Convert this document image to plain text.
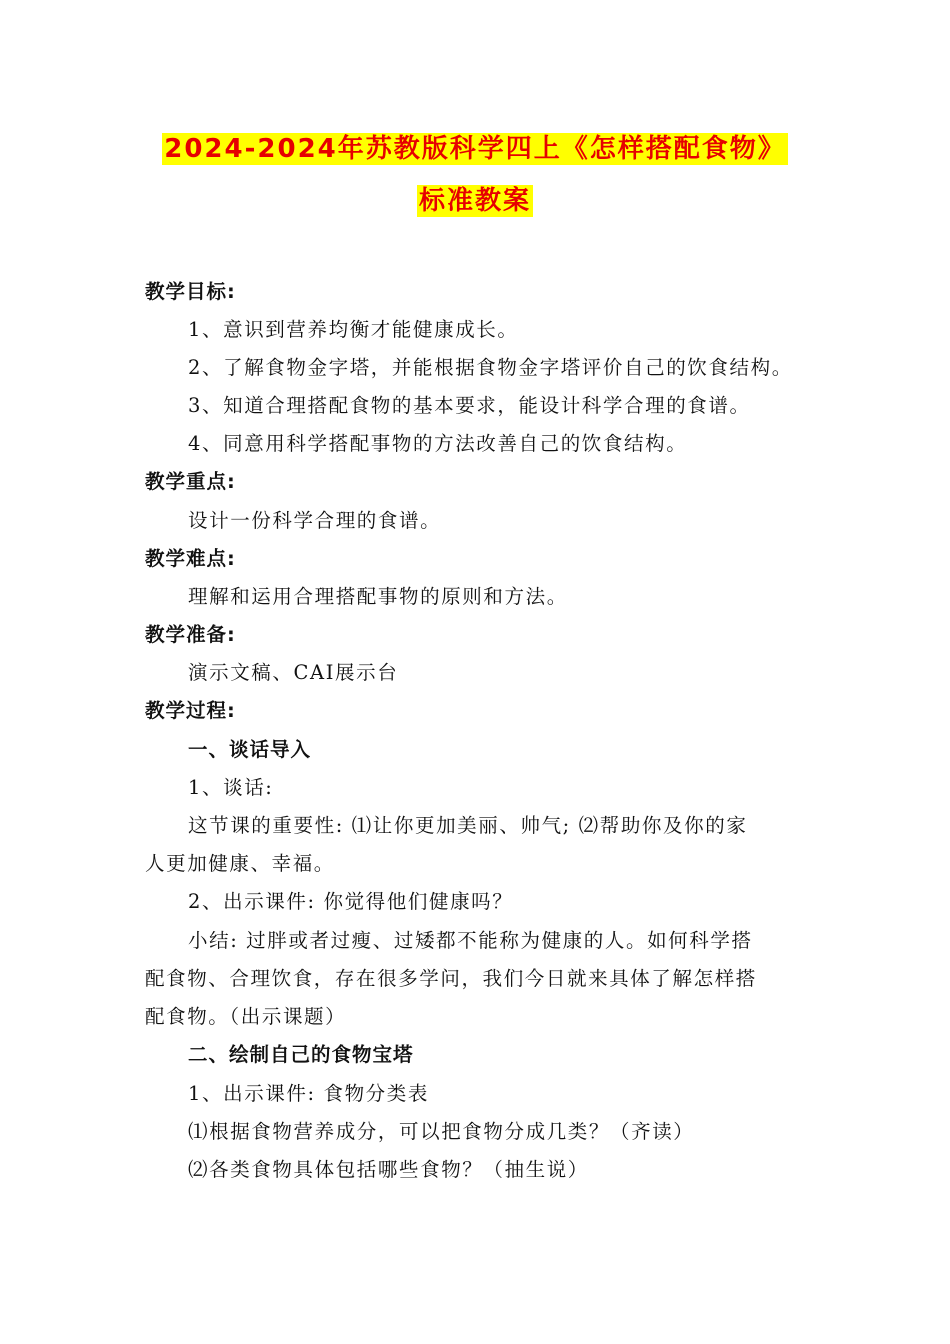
2024-2024年苏教版科学四上《怎样搭配食物》
标准教案
教学目标:
1、意识到营养均衡才能健康成长。
2、了解食物金字塔，并能根据食物金字塔评价自己的饮食结构。
3、知道合理搭配食物的基本要求，能设计科学合理的食谱。
4、同意用科学搭配事物的方法改善自己的饮食结构。
教学重点:
设计一份科学合理的食谱。
教学难点:
理解和运用合理搭配事物的原则和方法。
教学准备:
演示文稿、CAI展示台
教学过程:
一、谈话导入
1、谈话:
这节课的重要性: ⑴让你更加美丽、帅气; ⑵帮助你及你的家
人更加健康、幸福。
2、出示课件: 你觉得他们健康吗？
小结: 过胖或者过瘦、过矮都不能称为健康的人。如何科学搭
配食物、合理饮食，存在很多学问，我们今日就来具体了解怎样搭
配食物。（出示课题）
二、绘制自己的食物宝塔
1、出示课件: 食物分类表
⑴根据食物营养成分，可以把食物分成几类？（齐读）
⑵各类食物具体包括哪些食物？（抽生说）
